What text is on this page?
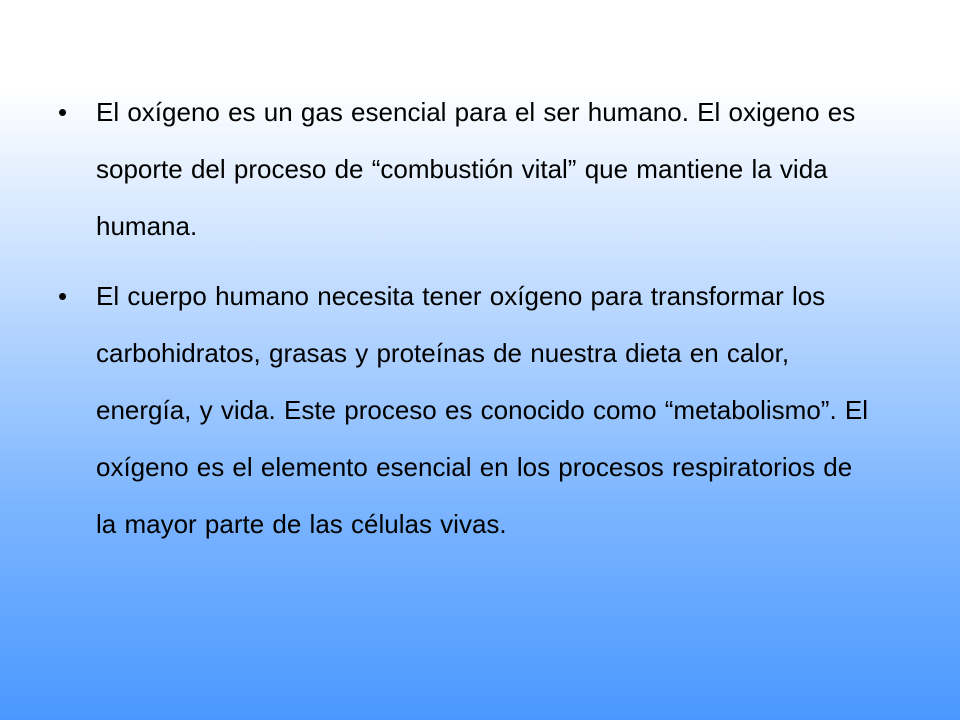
• El oxígeno es un gas esencial para el ser humano. El oxigeno es soporte del proceso de “combustión vital” que mantiene la vida humana.
• El cuerpo humano necesita tener oxígeno para transformar los carbohidratos, grasas y proteínas de nuestra dieta en calor, energía, y vida. Este proceso es conocido como “metabolismo”. El oxígeno es el elemento esencial en los procesos respiratorios de la mayor parte de las células vivas.
